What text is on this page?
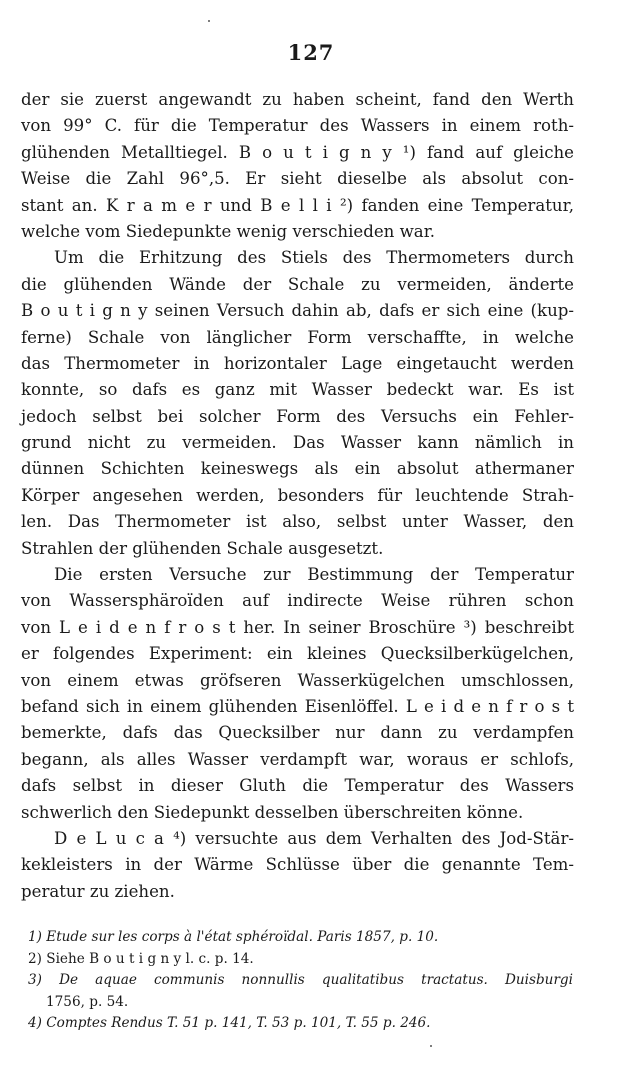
127
der sie zuerst angewandt zu haben scheint, fand den Werth
von 99° C. für die Temperatur des Wassers in einem roth-
glühenden Metalltiegel. B o u t i g n y ¹) fand auf gleiche
Weise die Zahl 96°,5. Er sieht dieselbe als absolut con-
stant an. K r a m e r und B e l l i ²) fanden eine Temperatur,
welche vom Siedepunkte wenig verschieden war.
Um die Erhitzung des Stiels des Thermometers durch
die glühenden Wände der Schale zu vermeiden, änderte
B o u t i g n y seinen Versuch dahin ab, dafs er sich eine (kup-
ferne) Schale von länglicher Form verschaffte, in welche
das Thermometer in horizontaler Lage eingetaucht werden
konnte, so dafs es ganz mit Wasser bedeckt war. Es ist
jedoch selbst bei solcher Form des Versuchs ein Fehler-
grund nicht zu vermeiden. Das Wasser kann nämlich in
dünnen Schichten keineswegs als ein absolut athermaner
Körper angesehen werden, besonders für leuchtende Strah-
len. Das Thermometer ist also, selbst unter Wasser, den
Strahlen der glühenden Schale ausgesetzt.
Die ersten Versuche zur Bestimmung der Temperatur
von Wassersphäroïden auf indirecte Weise rühren schon
von L e i d e n f r o s t her. In seiner Broschüre ³) beschreibt
er folgendes Experiment: ein kleines Quecksilberkügelchen,
von einem etwas gröfseren Wasserkügelchen umschlossen,
befand sich in einem glühenden Eisenlöffel. L e i d e n f r o s t
bemerkte, dafs das Quecksilber nur dann zu verdampfen
begann, als alles Wasser verdampft war, woraus er schlofs,
dafs selbst in dieser Gluth die Temperatur des Wassers
schwerlich den Siedepunkt desselben überschreiten könne.
D e L u c a ⁴) versuchte aus dem Verhalten des Jod-Stär-
kekleisters in der Wärme Schlüsse über die genannte Tem-
peratur zu ziehen.
1) Etude sur les corps à l'état sphéroïdal. Paris 1857, p. 10.
2) Siehe B o u t i g n y l. c. p. 14.
3) De aquae communis nonnullis qualitatibus tractatus. Duisburgi
1756, p. 54.
4) Comptes Rendus T. 51 p. 141, T. 53 p. 101, T. 55 p. 246.
